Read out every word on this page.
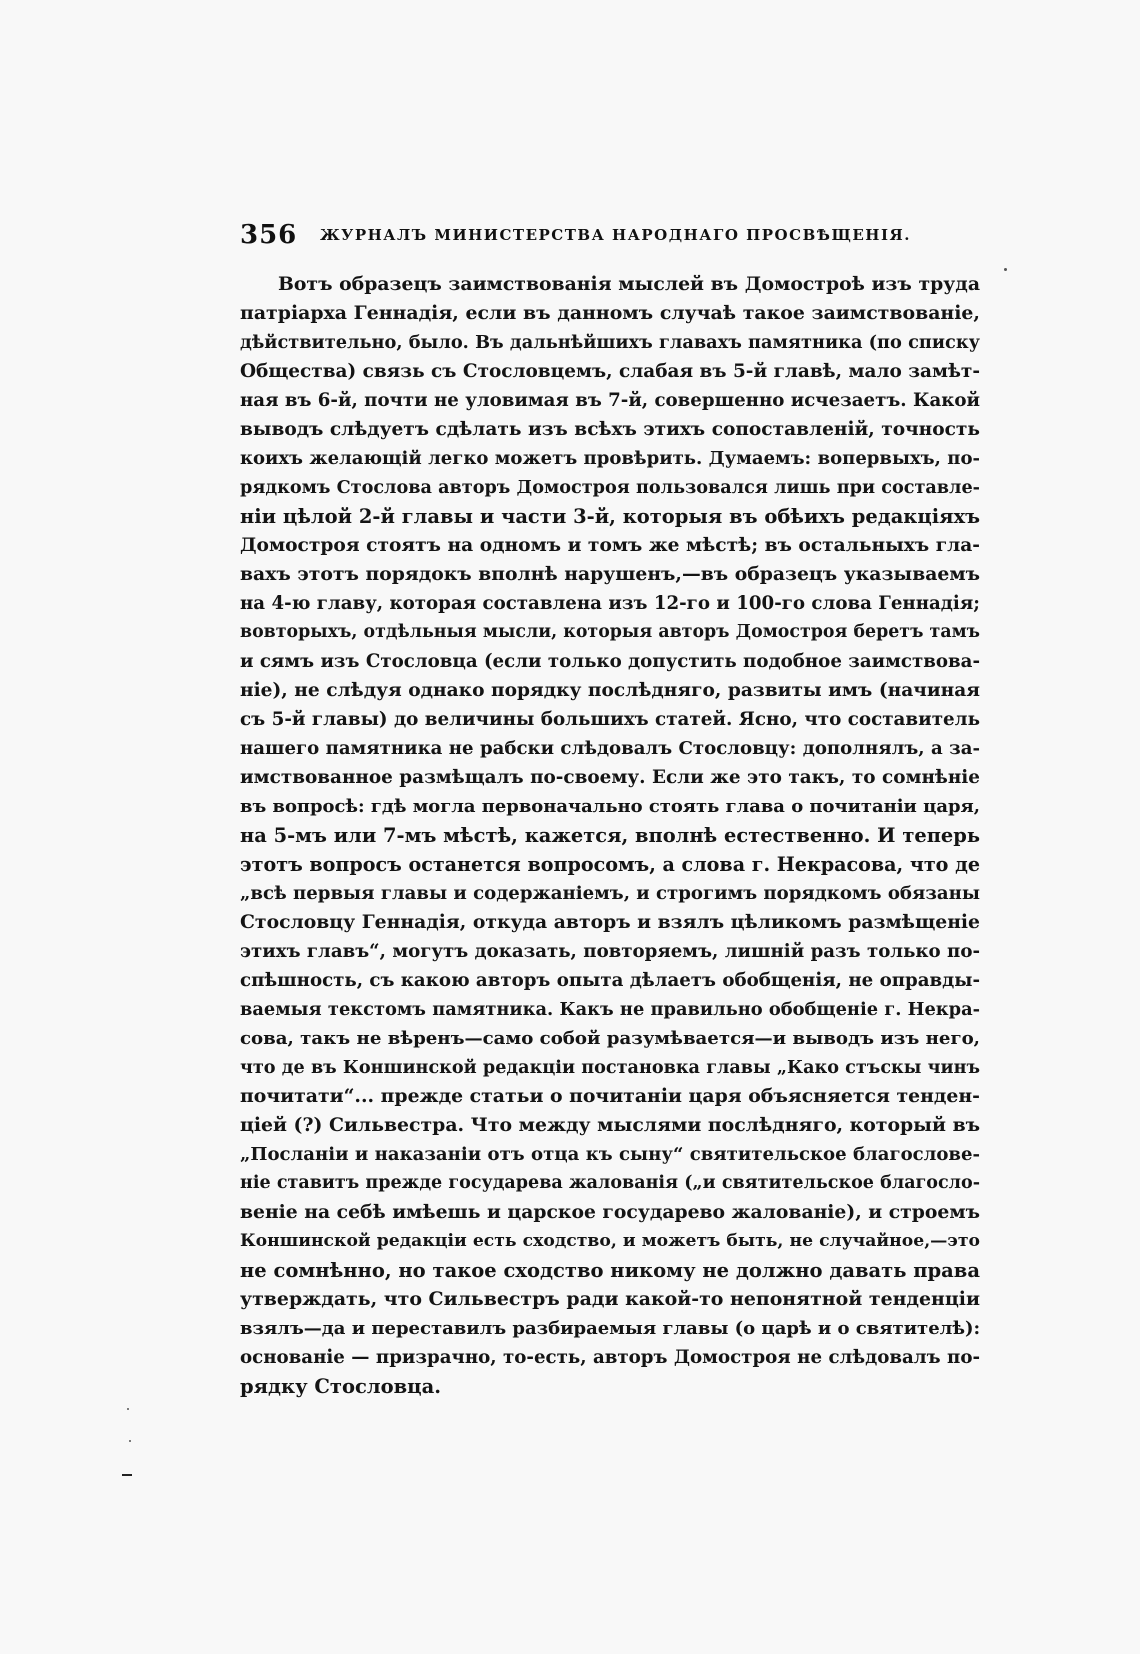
356 ЖУРНАЛЪ МИНИСТЕРСТВА НАРОДНАГО ПРОСВѢЩЕНІЯ.
Вотъ образецъ заимствованія мыслей въ Домостроѣ изъ труда
патріарха Геннадія, если въ данномъ случаѣ такое заимствованіе,
дѣйствительно, было. Въ дальнѣйшихъ главахъ памятника (по списку
Общества) связь съ Стословцемъ, слабая въ 5-й главѣ, мало замѣт-
ная въ 6-й, почти не уловимая въ 7-й, совершенно исчезаетъ. Какой
выводъ слѣдуетъ сдѣлать изъ всѣхъ этихъ сопоставленій, точность
коихъ желающій легко можетъ провѣрить. Думаемъ: вопервыхъ, по-
рядкомъ Стослова авторъ Домостроя пользовался лишь при составле-
ніи цѣлой 2-й главы и части 3-й, которыя въ обѣихъ редакціяхъ
Домостроя стоятъ на одномъ и томъ же мѣстѣ; въ остальныхъ гла-
вахъ этотъ порядокъ вполнѣ нарушенъ,—въ образецъ указываемъ
на 4-ю главу, которая составлена изъ 12-го и 100-го слова Геннадія;
вовторыхъ, отдѣльныя мысли, которыя авторъ Домостроя беретъ тамъ
и сямъ изъ Стословца (если только допустить подобное заимствова-
ніе), не слѣдуя однако порядку послѣдняго, развиты имъ (начиная
съ 5-й главы) до величины большихъ статей. Ясно, что составитель
нашего памятника не рабски слѣдовалъ Стословцу: дополнялъ, а за-
имствованное размѣщалъ по-своему. Если же это такъ, то сомнѣніе
въ вопросѣ: гдѣ могла первоначально стоять глава о почитаніи царя,
на 5-мъ или 7-мъ мѣстѣ, кажется, вполнѣ естественно. И теперь
этотъ вопросъ останется вопросомъ, а слова г. Некрасова, что де
„всѣ первыя главы и содержаніемъ, и строгимъ порядкомъ обязаны
Стословцу Геннадія, откуда авторъ и взялъ цѣликомъ размѣщеніе
этихъ главъ“, могутъ доказать, повторяемъ, лишній разъ только по-
спѣшность, съ какою авторъ опыта дѣлаетъ обобщенія, не оправды-
ваемыя текстомъ памятника. Какъ не правильно обобщеніе г. Некра-
сова, такъ не вѣренъ—само собой разумѣвается—и выводъ изъ него,
что де въ Коншинской редакціи постановка главы „Како стъскы чинъ
почитати“... прежде статьи о почитаніи царя объясняется тенден-
ціей (?) Сильвестра. Что между мыслями послѣдняго, который въ
„Посланіи и наказаніи отъ отца къ сыну“ святительское благослове-
ніе ставитъ прежде государева жалованія („и святительское благосло-
веніе на себѣ имѣешь и царское государево жалованіе), и строемъ
Коншинской редакціи есть сходство, и можетъ быть, не случайное,—это
не сомнѣнно, но такое сходство никому не должно давать права
утверждать, что Сильвестръ ради какой-то непонятной тенденціи
взялъ—да и переставилъ разбираемыя главы (о царѣ и о святителѣ):
основаніе — призрачно, то-есть, авторъ Домостроя не слѣдовалъ по-
рядку Стословца.
